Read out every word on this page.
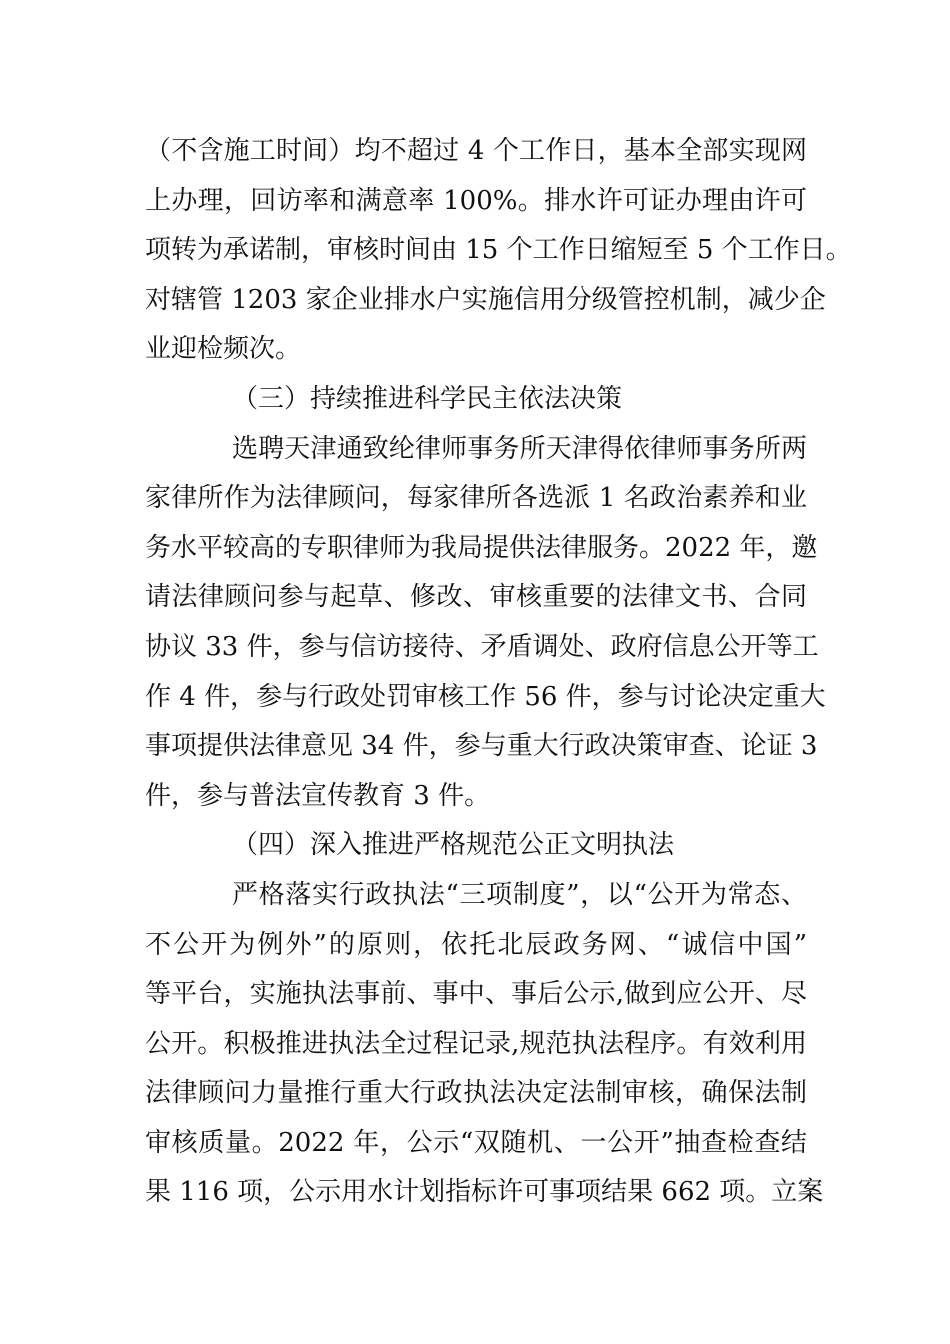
（不含施工时间）均不超过 4 个工作日，基本全部实现网
上办理，回访率和满意率 100%。排水许可证办理由许可
项转为承诺制，审核时间由 15 个工作日缩短至 5 个工作日。
对辖管 1203 家企业排水户实施信用分级管控机制，减少企
业迎检频次。
（三）持续推进科学民主依法决策
选聘天津通致纶律师事务所天津得依律师事务所两
家律所作为法律顾问，每家律所各选派 1 名政治素养和业
务水平较高的专职律师为我局提供法律服务。2022 年，邀
请法律顾问参与起草、修改、审核重要的法律文书、合同
协议 33 件，参与信访接待、矛盾调处、政府信息公开等工
作 4 件，参与行政处罚审核工作 56 件，参与讨论决定重大
事项提供法律意见 34 件，参与重大行政决策审查、论证 3
件，参与普法宣传教育 3 件。
（四）深入推进严格规范公正文明执法
严格落实行政执法“三项制度”，以“公开为常态、
不公开为例外”的原则，依托北辰政务网、“诚信中国”
等平台，实施执法事前、事中、事后公示,做到应公开、尽
公开。积极推进执法全过程记录,规范执法程序。有效利用
法律顾问力量推行重大行政执法决定法制审核，确保法制
审核质量。2022 年，公示“双随机、一公开”抽查检查结
果 116 项，公示用水计划指标许可事项结果 662 项。立案
